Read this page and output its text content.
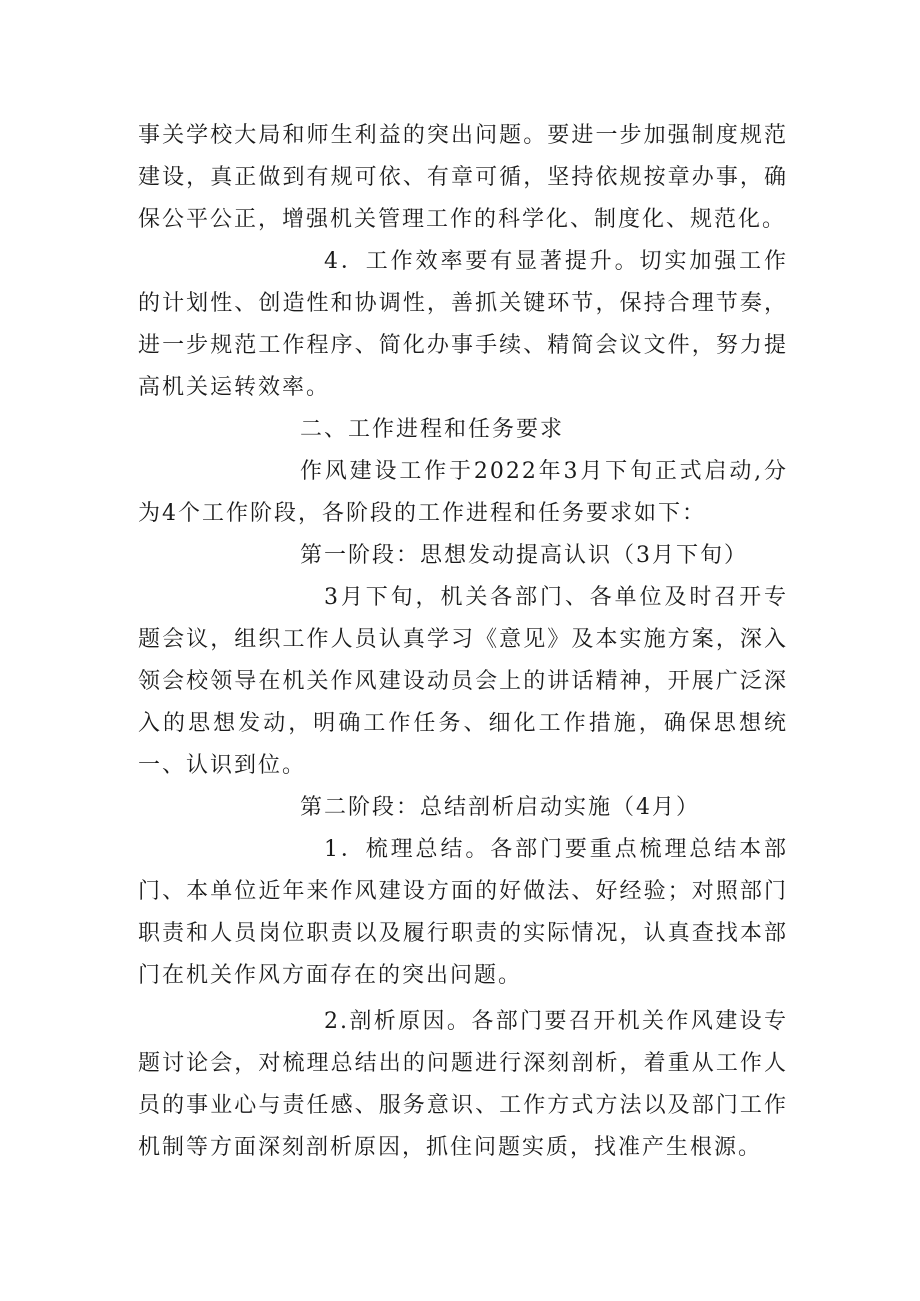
事关学校大局和师生利益的突出问题。要进一步加强制度规范建设，真正做到有规可依、有章可循，坚持依规按章办事，确保公平公正，增强机关管理工作的科学化、制度化、规范化。

4．工作效率要有显著提升。切实加强工作的计划性、创造性和协调性，善抓关键环节，保持合理节奏，进一步规范工作程序、简化办事手续、精简会议文件，努力提高机关运转效率。

二、工作进程和任务要求

作风建设工作于2022年3月下旬正式启动,分为4个工作阶段，各阶段的工作进程和任务要求如下：

第一阶段：思想发动提高认识（3月下旬）

3月下旬，机关各部门、各单位及时召开专题会议，组织工作人员认真学习《意见》及本实施方案，深入领会校领导在机关作风建设动员会上的讲话精神，开展广泛深入的思想发动，明确工作任务、细化工作措施，确保思想统一、认识到位。

第二阶段：总结剖析启动实施（4月）

1．梳理总结。各部门要重点梳理总结本部门、本单位近年来作风建设方面的好做法、好经验；对照部门职责和人员岗位职责以及履行职责的实际情况，认真查找本部门在机关作风方面存在的突出问题。

2.剖析原因。各部门要召开机关作风建设专题讨论会，对梳理总结出的问题进行深刻剖析，着重从工作人员的事业心与责任感、服务意识、工作方式方法以及部门工作机制等方面深刻剖析原因，抓住问题实质，找准产生根源。
